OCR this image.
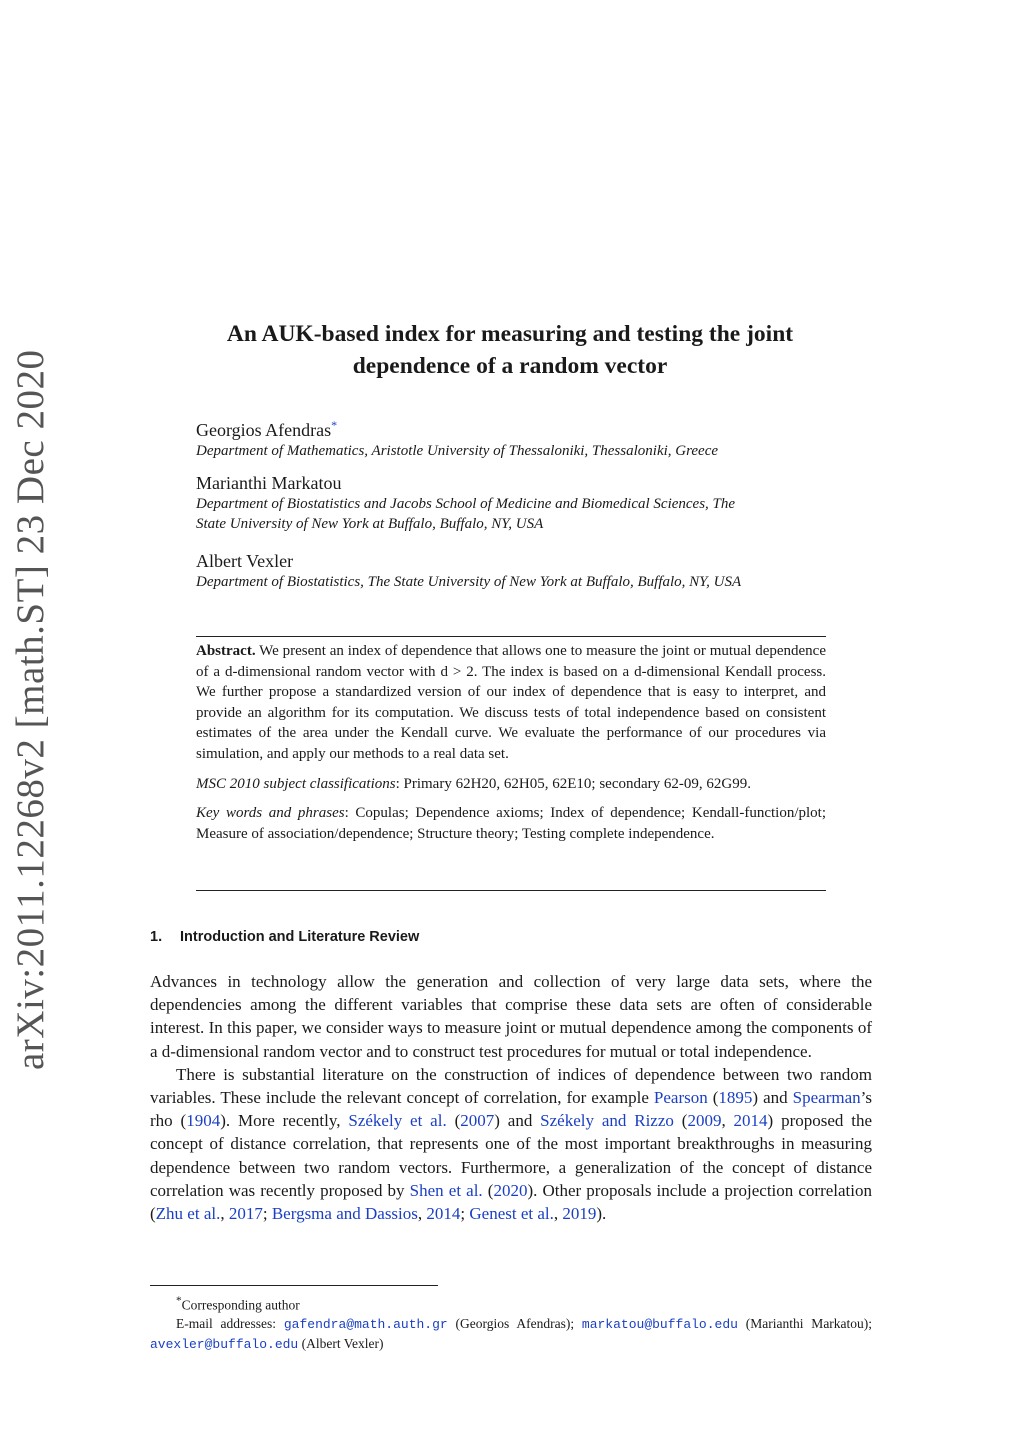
arXiv:2011.12268v2 [math.ST] 23 Dec 2020
An AUK-based index for measuring and testing the joint
dependence of a random vector
Georgios Afendras*
Department of Mathematics, Aristotle University of Thessaloniki, Thessaloniki, Greece
Marianthi Markatou
Department of Biostatistics and Jacobs School of Medicine and Biomedical Sciences, The
State University of New York at Buffalo, Buffalo, NY, USA
Albert Vexler
Department of Biostatistics, The State University of New York at Buffalo, Buffalo, NY, USA

Abstract. We present an index of dependence that allows one to measure the joint or mutual dependence of a d-dimensional random vector with d > 2. The index is based on a d-dimensional Kendall process. We further propose a standardized version of our index of dependence that is easy to interpret, and provide an algorithm for its computation. We discuss tests of total independence based on consistent estimates of the area under the Kendall curve. We evaluate the performance of our procedures via simulation, and apply our methods to a real data set.

MSC 2010 subject classifications: Primary 62H20, 62H05, 62E10; secondary 62-09, 62G99.

Key words and phrases: Copulas; Dependence axioms; Index of dependence; Kendall-function/plot; Measure of association/dependence; Structure theory; Testing complete independence.

1. Introduction and Literature Review

Advances in technology allow the generation and collection of very large data sets, where the dependencies among the different variables that comprise these data sets are often of considerable interest. In this paper, we consider ways to measure joint or mutual dependence among the components of a d-dimensional random vector and to construct test procedures for mutual or total independence.

There is substantial literature on the construction of indices of dependence between two random variables. These include the relevant concept of correlation, for example Pearson (1895) and Spearman’s rho (1904). More recently, Székely et al. (2007) and Székely and Rizzo (2009, 2014) proposed the concept of distance correlation, that represents one of the most important breakthroughs in measuring dependence between two random vectors. Furthermore, a generalization of the concept of distance correlation was recently proposed by Shen et al. (2020). Other proposals include a projection correlation (Zhu et al., 2017; Bergsma and Dassios, 2014; Genest et al., 2019).

*Corresponding author

E-mail addresses: gafendra@math.auth.gr (Georgios Afendras); markatou@buffalo.edu (Marianthi Markatou); avexler@buffalo.edu (Albert Vexler)
